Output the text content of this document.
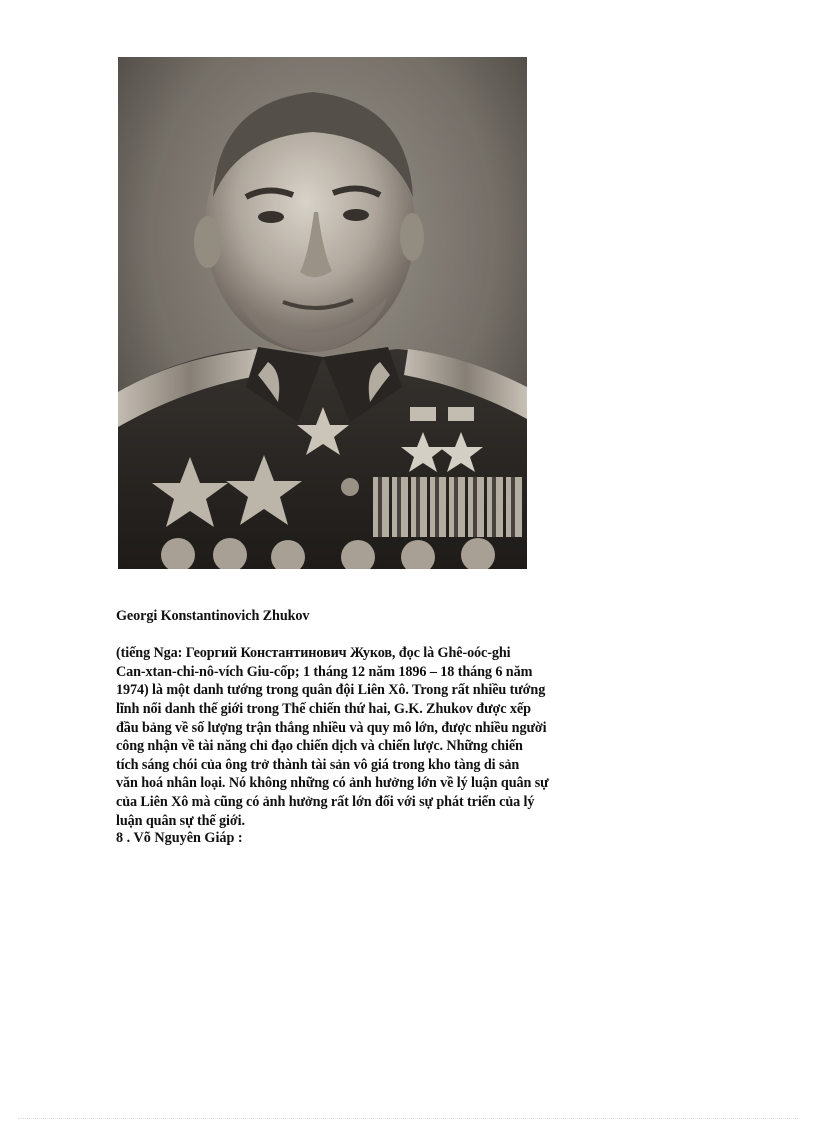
Georgi Konstantinovich Zhukov

(tiếng Nga: Георгий Константинович Жуков, đọc là Ghê-oóc-ghi
Can-xtan-chi-nô-vích Giu-cốp; 1 tháng 12 năm 1896 – 18 tháng 6 năm
1974) là một danh tướng trong quân đội Liên Xô. Trong rất nhiều tướng
lĩnh nổi danh thế giới trong Thế chiến thứ hai, G.K. Zhukov được xếp
đầu bảng về số lượng trận thắng nhiều và quy mô lớn, được nhiều người
công nhận về tài năng chỉ đạo chiến dịch và chiến lược. Những chiến
tích sáng chói của ông trở thành tài sản vô giá trong kho tàng di sản
văn hoá nhân loại. Nó không những có ảnh hưởng lớn về lý luận quân sự
của Liên Xô mà cũng có ảnh hưởng rất lớn đối với sự phát triển của lý
luận quân sự thế giới.

8 . Võ Nguyên Giáp :
